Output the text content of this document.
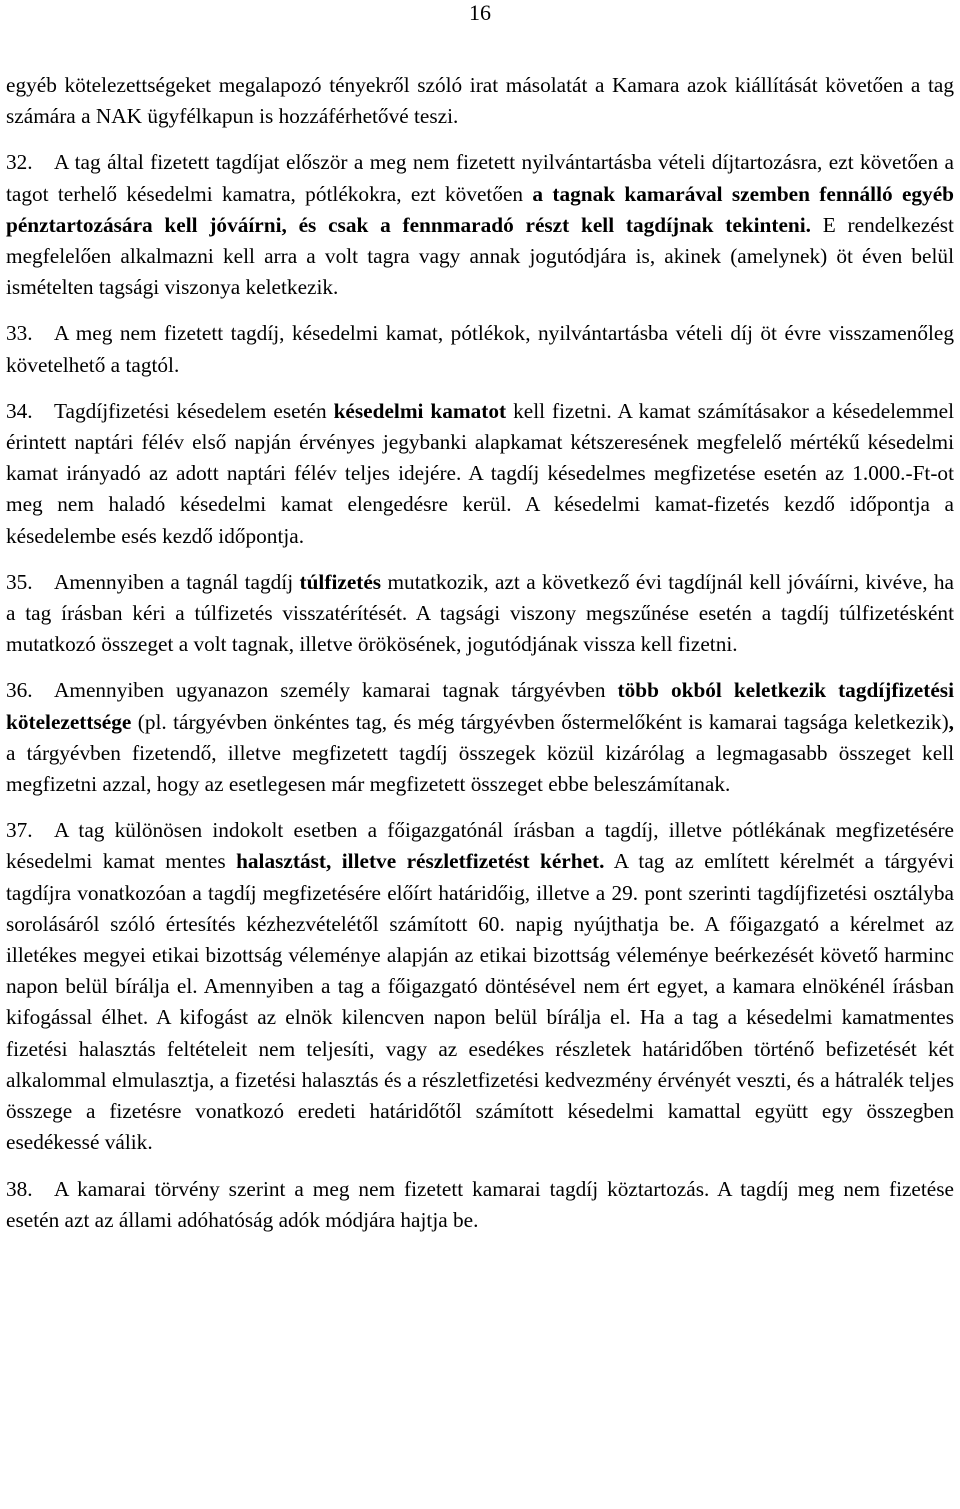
16

egyéb kötelezettségeket megalapozó tényekről szóló irat másolatát a Kamara azok kiállítását követően a tag számára a NAK ügyfélkapun is hozzáférhetővé teszi.

32. A tag által fizetett tagdíjat először a meg nem fizetett nyilvántartásba vételi díjtartozásra, ezt követően a tagot terhelő késedelmi kamatra, pótlékokra, ezt követően a tagnak kamarával szemben fennálló egyéb pénztartozására kell jóváírni, és csak a fennmaradó részt kell tagdíjnak tekinteni. E rendelkezést megfelelően alkalmazni kell arra a volt tagra vagy annak jogutódjára is, akinek (amelynek) öt éven belül ismételten tagsági viszonya keletkezik.

33. A meg nem fizetett tagdíj, késedelmi kamat, pótlékok, nyilvántartásba vételi díj öt évre visszamenőleg követelhető a tagtól.

34. Tagdíjfizetési késedelem esetén késedelmi kamatot kell fizetni. A kamat számításakor a késedelemmel érintett naptári félév első napján érvényes jegybanki alapkamat kétszeresének megfelelő mértékű késedelmi kamat irányadó az adott naptári félév teljes idejére. A tagdíj késedelmes megfizetése esetén az 1.000.-Ft-ot meg nem haladó késedelmi kamat elengedésre kerül. A késedelmi kamat-fizetés kezdő időpontja a késedelembe esés kezdő időpontja.

35. Amennyiben a tagnál tagdíj túlfizetés mutatkozik, azt a következő évi tagdíjnál kell jóváírni, kivéve, ha a tag írásban kéri a túlfizetés visszatérítését. A tagsági viszony megszűnése esetén a tagdíj túlfizetésként mutatkozó összeget a volt tagnak, illetve örökösének, jogutódjának vissza kell fizetni.

36. Amennyiben ugyanazon személy kamarai tagnak tárgyévben több okból keletkezik tagdíjfizetési kötelezettsége (pl. tárgyévben önkéntes tag, és még tárgyévben őstermelőként is kamarai tagsága keletkezik), a tárgyévben fizetendő, illetve megfizetett tagdíj összegek közül kizárólag a legmagasabb összeget kell megfizetni azzal, hogy az esetlegesen már megfizetett összeget ebbe beleszámítanak.

37. A tag különösen indokolt esetben a főigazgatónál írásban a tagdíj, illetve pótlékának megfizetésére késedelmi kamat mentes halasztást, illetve részletfizetést kérhet. A tag az említett kérelmét a tárgyévi tagdíjra vonatkozóan a tagdíj megfizetésére előírt határidőig, illetve a 29. pont szerinti tagdíjfizetési osztályba sorolásáról szóló értesítés kézhezvételétől számított 60. napig nyújthatja be. A főigazgató a kérelmet az illetékes megyei etikai bizottság véleménye alapján az etikai bizottság véleménye beérkezését követő harminc napon belül bírálja el. Amennyiben a tag a főigazgató döntésével nem ért egyet, a kamara elnökénél írásban kifogással élhet. A kifogást az elnök kilencven napon belül bírálja el. Ha a tag a késedelmi kamatmentes fizetési halasztás feltételeit nem teljesíti, vagy az esedékes részletek határidőben történő befizetését két alkalommal elmulasztja, a fizetési halasztás és a részletfizetési kedvezmény érvényét veszti, és a hátralék teljes összege a fizetésre vonatkozó eredeti határidőtől számított késedelmi kamattal együtt egy összegben esedékessé válik.

38. A kamarai törvény szerint a meg nem fizetett kamarai tagdíj köztartozás. A tagdíj meg nem fizetése esetén azt az állami adóhatóság adók módjára hajtja be.
